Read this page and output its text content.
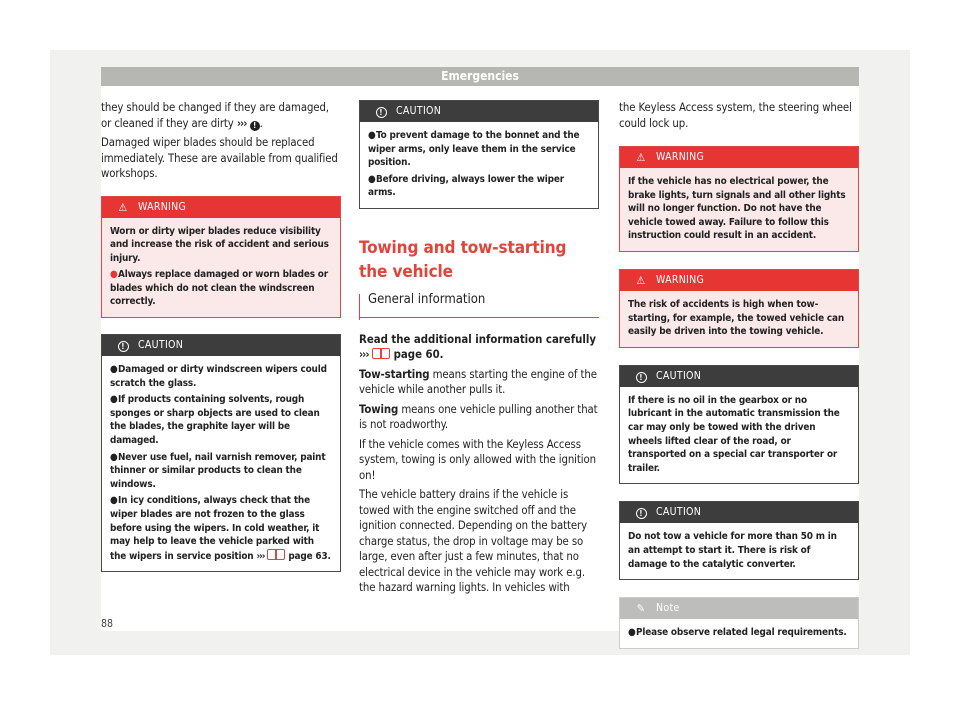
Emergencies

they should be changed if they are damaged, or cleaned if they are dirty ››› ! .

Damaged wiper blades should be replaced immediately. These are available from qualified workshops.

⚠ WARNING
Worn or dirty wiper blades reduce visibility and increase the risk of accident and serious injury.
●Always replace damaged or worn blades or blades which do not clean the windscreen correctly.
!	CAUTION
●Damaged or dirty windscreen wipers could scratch the glass.
●If products containing solvents, rough sponges or sharp objects are used to clean the blades, the graphite layer will be damaged.
●Never use fuel, nail varnish remover, paint thinner or similar products to clean the windows.
●In icy conditions, always check that the wiper blades are not frozen to the glass before using the wipers. In cold weather, it may help to leave the vehicle parked with the wipers in service position ››› page 63.
!	CAUTION
●To prevent damage to the bonnet and the wiper arms, only leave them in the service position.
●Before driving, always lower the wiper arms.
Towing and tow-starting the vehicle
General information

Read the additional information carefully ››› page 60.

Tow-starting means starting the engine of the vehicle while another pulls it.

Towing means one vehicle pulling another that is not roadworthy.

If the vehicle comes with the Keyless Access system, towing is only allowed with the ignition on!

The vehicle battery drains if the vehicle is towed with the engine switched off and the ignition connected. Depending on the battery charge status, the drop in voltage may be so large, even after just a few minutes, that no electrical device in the vehicle may work e.g. the hazard warning lights. In vehicles with

the Keyless Access system, the steering wheel could lock up.

⚠ WARNING
If the vehicle has no electrical power, the brake lights, turn signals and all other lights will no longer function. Do not have the vehicle towed away. Failure to follow this instruction could result in an accident.
⚠ WARNING
The risk of accidents is high when tow-starting, for example, the towed vehicle can easily be driven into the towing vehicle.
!	CAUTION
If there is no oil in the gearbox or no lubricant in the automatic transmission the car may only be towed with the driven wheels lifted clear of the road, or transported on a special car transporter or trailer.
!	CAUTION
Do not tow a vehicle for more than 50 m in an attempt to start it. There is risk of damage to the catalytic converter.
✎	Note
●Please observe related legal requirements.
88
